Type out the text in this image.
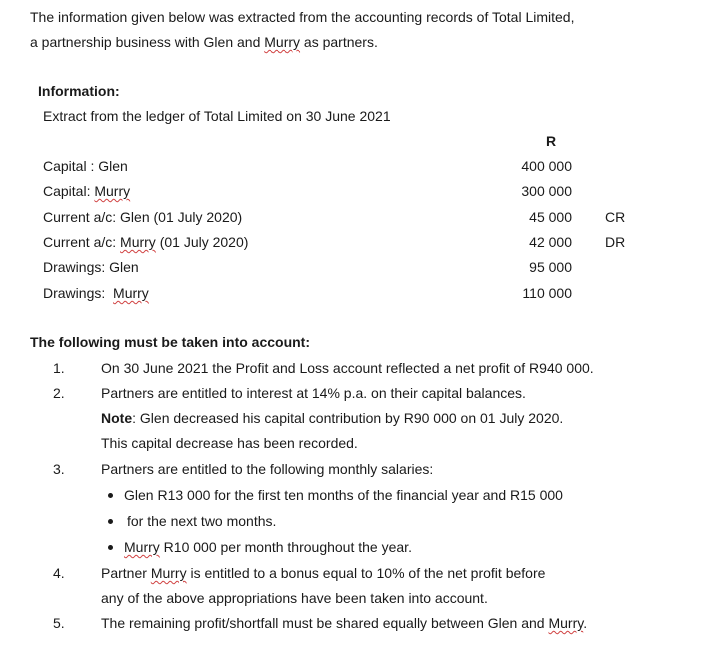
The information given below was extracted from the accounting records of Total Limited,
a partnership business with Glen and Murry as partners.
Information:
Extract from the ledger of Total Limited on 30 June 2021
R
Capital : Glen	400 000
Capital: Murry	300 000
Current a/c: Glen (01 July 2020)	45 000 CR
Current a/c: Murry (01 July 2020)	42 000 DR
Drawings: Glen	95 000
Drawings:  Murry	110 000
The following must be taken into account:
1.	On 30 June 2021 the Profit and Loss account reflected a net profit of R940 000.
2.	Partners are entitled to interest at 14% p.a. on their capital balances.
Note: Glen decreased his capital contribution by R90 000 on 01 July 2020.
This capital decrease has been recorded.
3.	Partners are entitled to the following monthly salaries:
Glen R13 000 for the first ten months of the financial year and R15 000
for the next two months.
Murry R10 000 per month throughout the year.
4.	Partner Murry is entitled to a bonus equal to 10% of the net profit before
any of the above appropriations have been taken into account.
5.	The remaining profit/shortfall must be shared equally between Glen and Murry.
